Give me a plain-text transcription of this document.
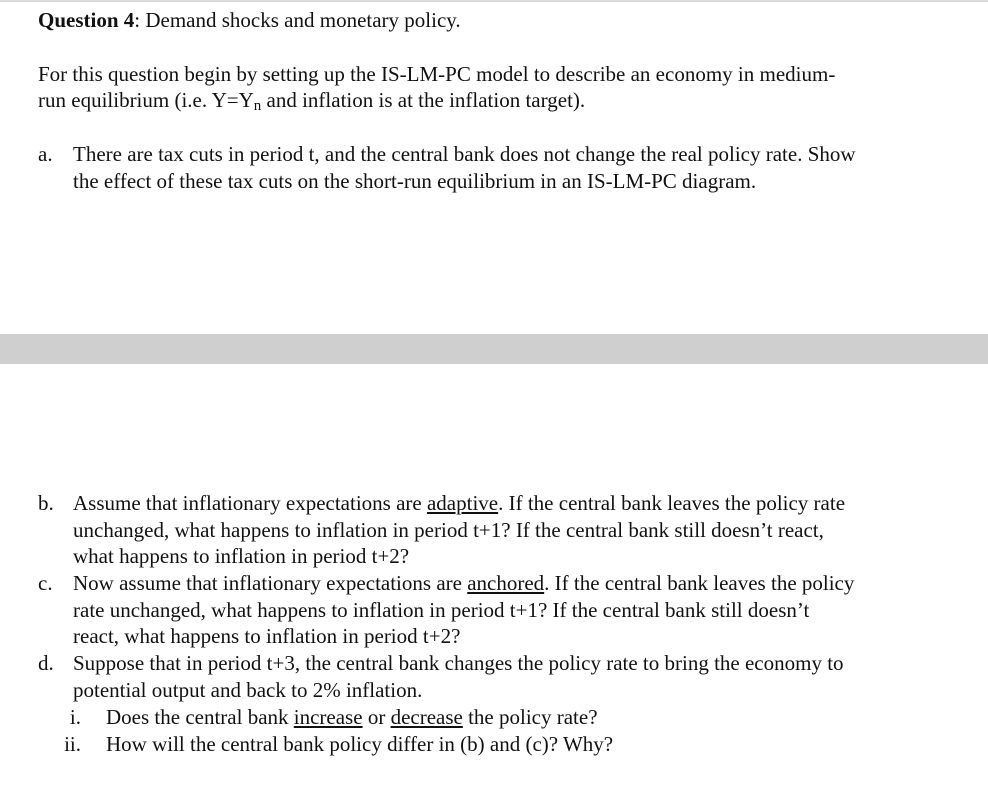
Question 4: Demand shocks and monetary policy.
For this question begin by setting up the IS-LM-PC model to describe an economy in medium-
run equilibrium (i.e. Y=Yn and inflation is at the inflation target).
a. There are tax cuts in period t, and the central bank does not change the real policy rate. Show
the effect of these tax cuts on the short-run equilibrium in an IS-LM-PC diagram.
b. Assume that inflationary expectations are adaptive. If the central bank leaves the policy rate
unchanged, what happens to inflation in period t+1? If the central bank still doesn’t react,
what happens to inflation in period t+2?
c. Now assume that inflationary expectations are anchored. If the central bank leaves the policy
rate unchanged, what happens to inflation in period t+1? If the central bank still doesn’t
react, what happens to inflation in period t+2?
d. Suppose that in period t+3, the central bank changes the policy rate to bring the economy to
potential output and back to 2% inflation.
i. Does the central bank increase or decrease the policy rate?
ii. How will the central bank policy differ in (b) and (c)? Why?
